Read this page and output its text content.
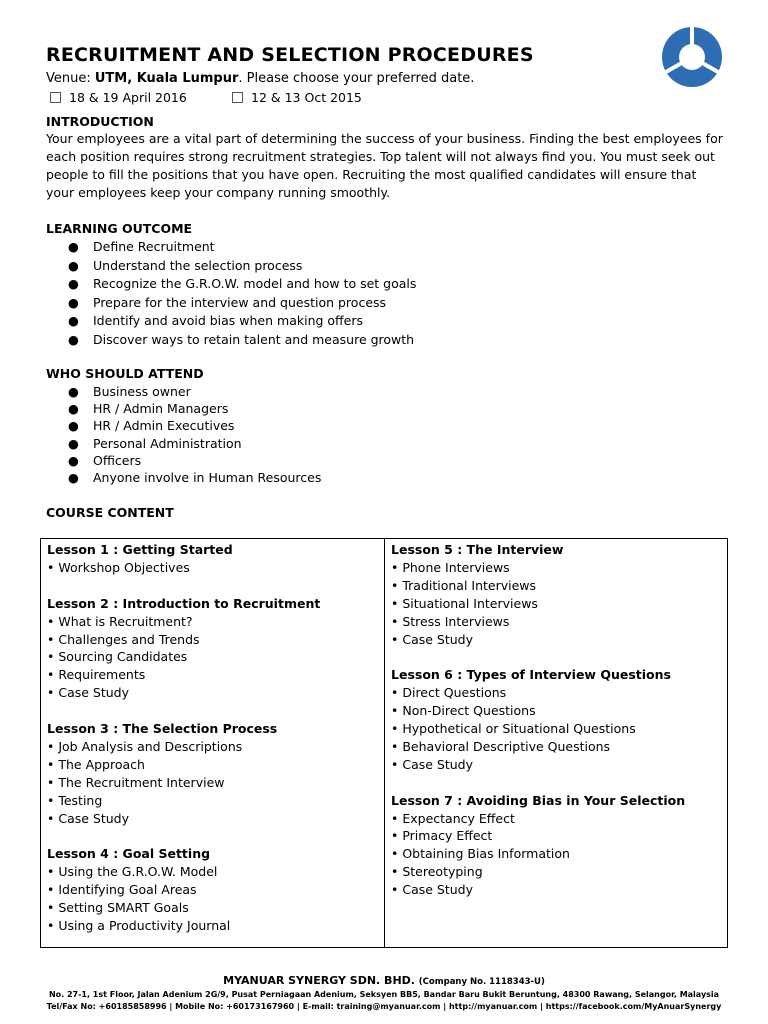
RECRUITMENT AND SELECTION PROCEDURES
Venue: UTM, Kuala Lumpur. Please choose your preferred date.
18 & 19 April 2016	12 & 13 Oct 2015
INTRODUCTION
Your employees are a vital part of determining the success of your business. Finding the best employees for each position requires strong recruitment strategies. Top talent will not always find you. You must seek out people to fill the positions that you have open. Recruiting the most qualified candidates will ensure that your employees keep your company running smoothly.
LEARNING OUTCOME
● Define Recruitment
● Understand the selection process
● Recognize the G.R.O.W. model and how to set goals
● Prepare for the interview and question process
● Identify and avoid bias when making offers
● Discover ways to retain talent and measure growth
WHO SHOULD ATTEND
● Business owner
● HR / Admin Managers
● HR / Admin Executives
● Personal Administration
● Officers
● Anyone involve in Human Resources
COURSE CONTENT
Lesson 1 : Getting Started
• Workshop Objectives
Lesson 2 : Introduction to Recruitment
• What is Recruitment?
• Challenges and Trends
• Sourcing Candidates
• Requirements
• Case Study
Lesson 3 : The Selection Process
• Job Analysis and Descriptions
• The Approach
• The Recruitment Interview
• Testing
• Case Study
Lesson 4 : Goal Setting
• Using the G.R.O.W. Model
• Identifying Goal Areas
• Setting SMART Goals
• Using a Productivity Journal
Lesson 5 : The Interview
• Phone Interviews
• Traditional Interviews
• Situational Interviews
• Stress Interviews
• Case Study
Lesson 6 : Types of Interview Questions
• Direct Questions
• Non-Direct Questions
• Hypothetical or Situational Questions
• Behavioral Descriptive Questions
• Case Study
Lesson 7 : Avoiding Bias in Your Selection
• Expectancy Effect
• Primacy Effect
• Obtaining Bias Information
• Stereotyping
• Case Study
MYANUAR SYNERGY SDN. BHD. (Company No. 1118343-U)
No. 27-1, 1st Floor, Jalan Adenium 2G/9, Pusat Perniagaan Adenium, Seksyen BB5, Bandar Baru Bukit Beruntung, 48300 Rawang, Selangor, Malaysia
Tel/Fax No: +60185858996 | Mobile No: +60173167960 | E-mail: training@myanuar.com | http://myanuar.com | https://facebook.com/MyAnuarSynergy
